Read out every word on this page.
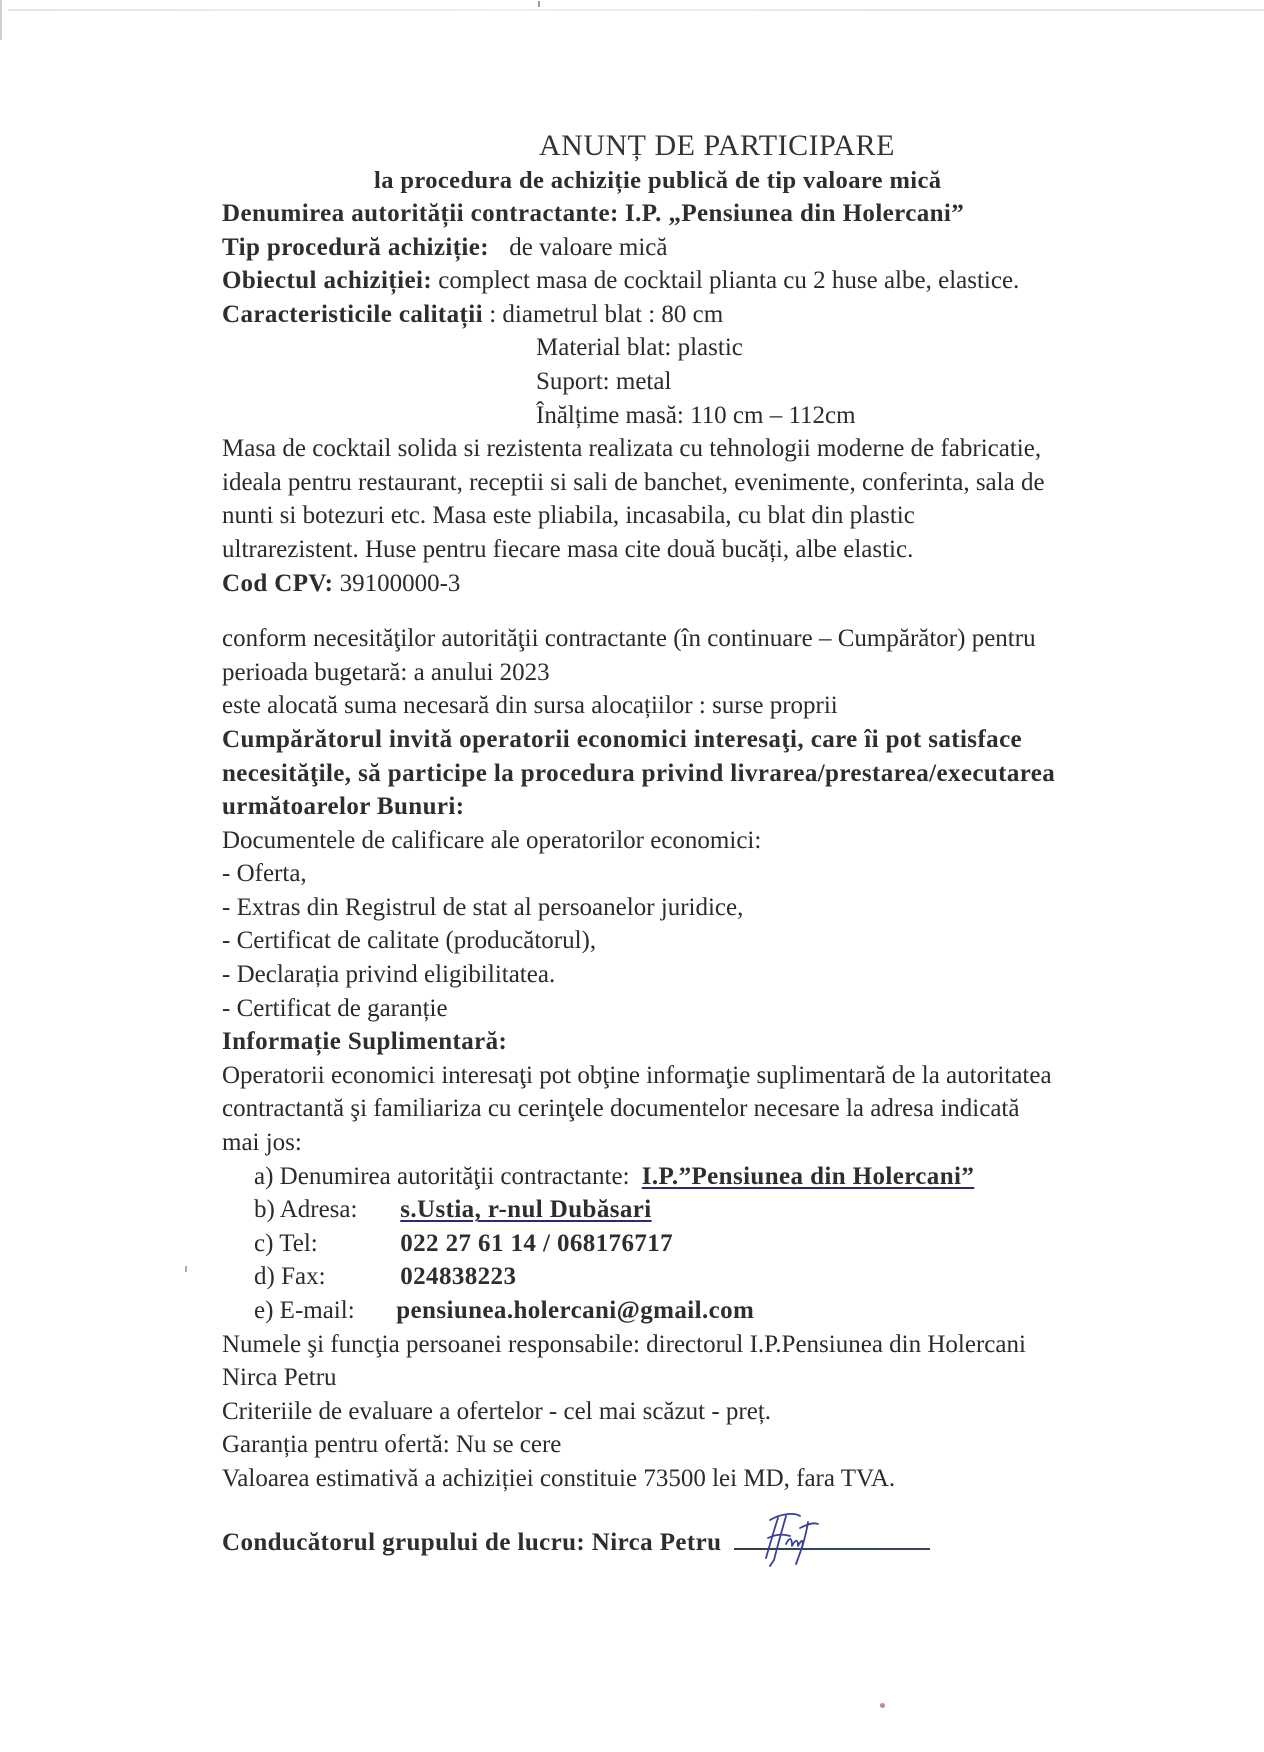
ANUNȚ DE PARTICIPARE
la procedura de achiziție publică de tip valoare mică
Denumirea autorității contractante: I.P. „Pensiunea din Holercani”
Tip procedură achiziție: de valoare mică
Obiectul achiziției: complect masa de cocktail plianta cu 2 huse albe, elastice.
Caracteristicile calitații : diametrul blat : 80 cm
Material blat: plastic
Suport: metal
Înălțime masă: 110 cm – 112cm
Masa de cocktail solida si rezistenta realizata cu tehnologii moderne de fabricatie,
ideala pentru restaurant, receptii si sali de banchet, evenimente, conferinta, sala de
nunti si botezuri etc. Masa este pliabila, incasabila, cu blat din plastic
ultrarezistent. Huse pentru fiecare masa cite două bucăți, albe elastic.
Cod CPV: 39100000-3
conform necesităţilor autorităţii contractante (în continuare – Cumpărător) pentru
perioada bugetară: a anului 2023
este alocată suma necesară din sursa alocațiilor : surse proprii
Cumpărătorul invită operatorii economici interesaţi, care îi pot satisface
necesităţile, să participe la procedura privind livrarea/prestarea/executarea
următoarelor Bunuri:
Documentele de calificare ale operatorilor economici:
- Oferta,
- Extras din Registrul de stat al persoanelor juridice,
- Certificat de calitate (producătorul),
- Declarația privind eligibilitatea.
- Certificat de garanție
Informație Suplimentară:
Operatorii economici interesaţi pot obţine informaţie suplimentară de la autoritatea
contractantă şi familiariza cu cerinţele documentelor necesare la adresa indicată
mai jos:
a) Denumirea autorităţii contractante: I.P.”Pensiunea din Holercani”
b) Adresa: s.Ustia, r-nul Dubăsari
c) Tel:	022 27 61 14 / 068176717
d) Fax:	024838223
e) E-mail: pensiunea.holercani@gmail.com
Numele şi funcţia persoanei responsabile: directorul I.P.Pensiunea din Holercani
Nirca Petru
Criteriile de evaluare a ofertelor - cel mai scăzut - preț.
Garanția pentru ofertă: Nu se cere
Valoarea estimativă a achiziției constituie 73500 lei MD, fara TVA.
Conducătorul grupului de lucru: Nirca Petru
